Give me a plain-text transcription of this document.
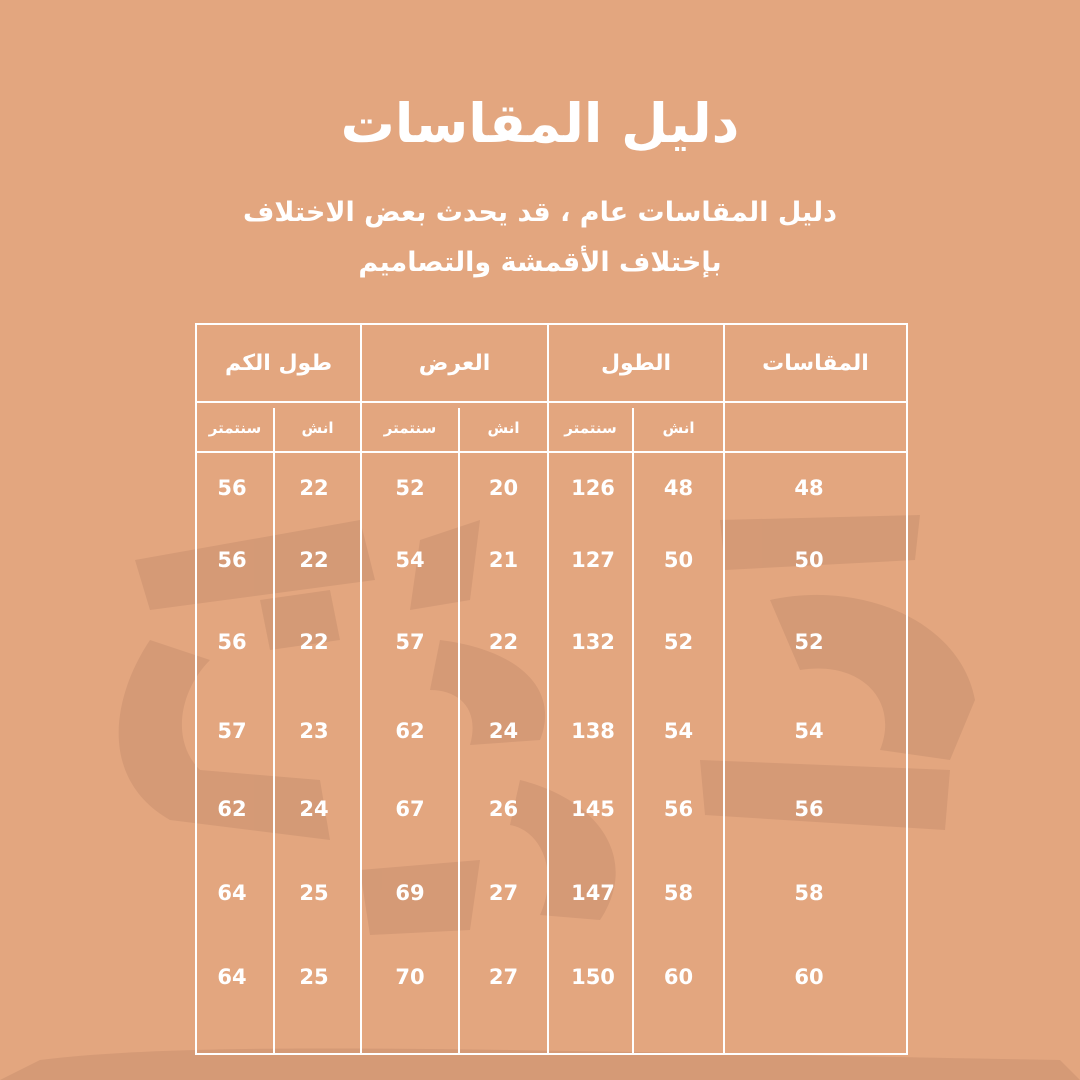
دليل المقاسات
دليل المقاسات عام ، قد يحدث بعض الاختلاف
بإختلاف الأقمشة والتصاميم
المقاسات
الطول
العرض
طول الكم
انش
سنتمتر
انش
سنتمتر
انش
سنتمتر
48
48
126
20
52
22
56
50
50
127
21
54
22
56
52
52
132
22
57
22
56
54
54
138
24
62
23
57
56
56
145
26
67
24
62
58
58
147
27
69
25
64
60
60
150
27
70
25
64
